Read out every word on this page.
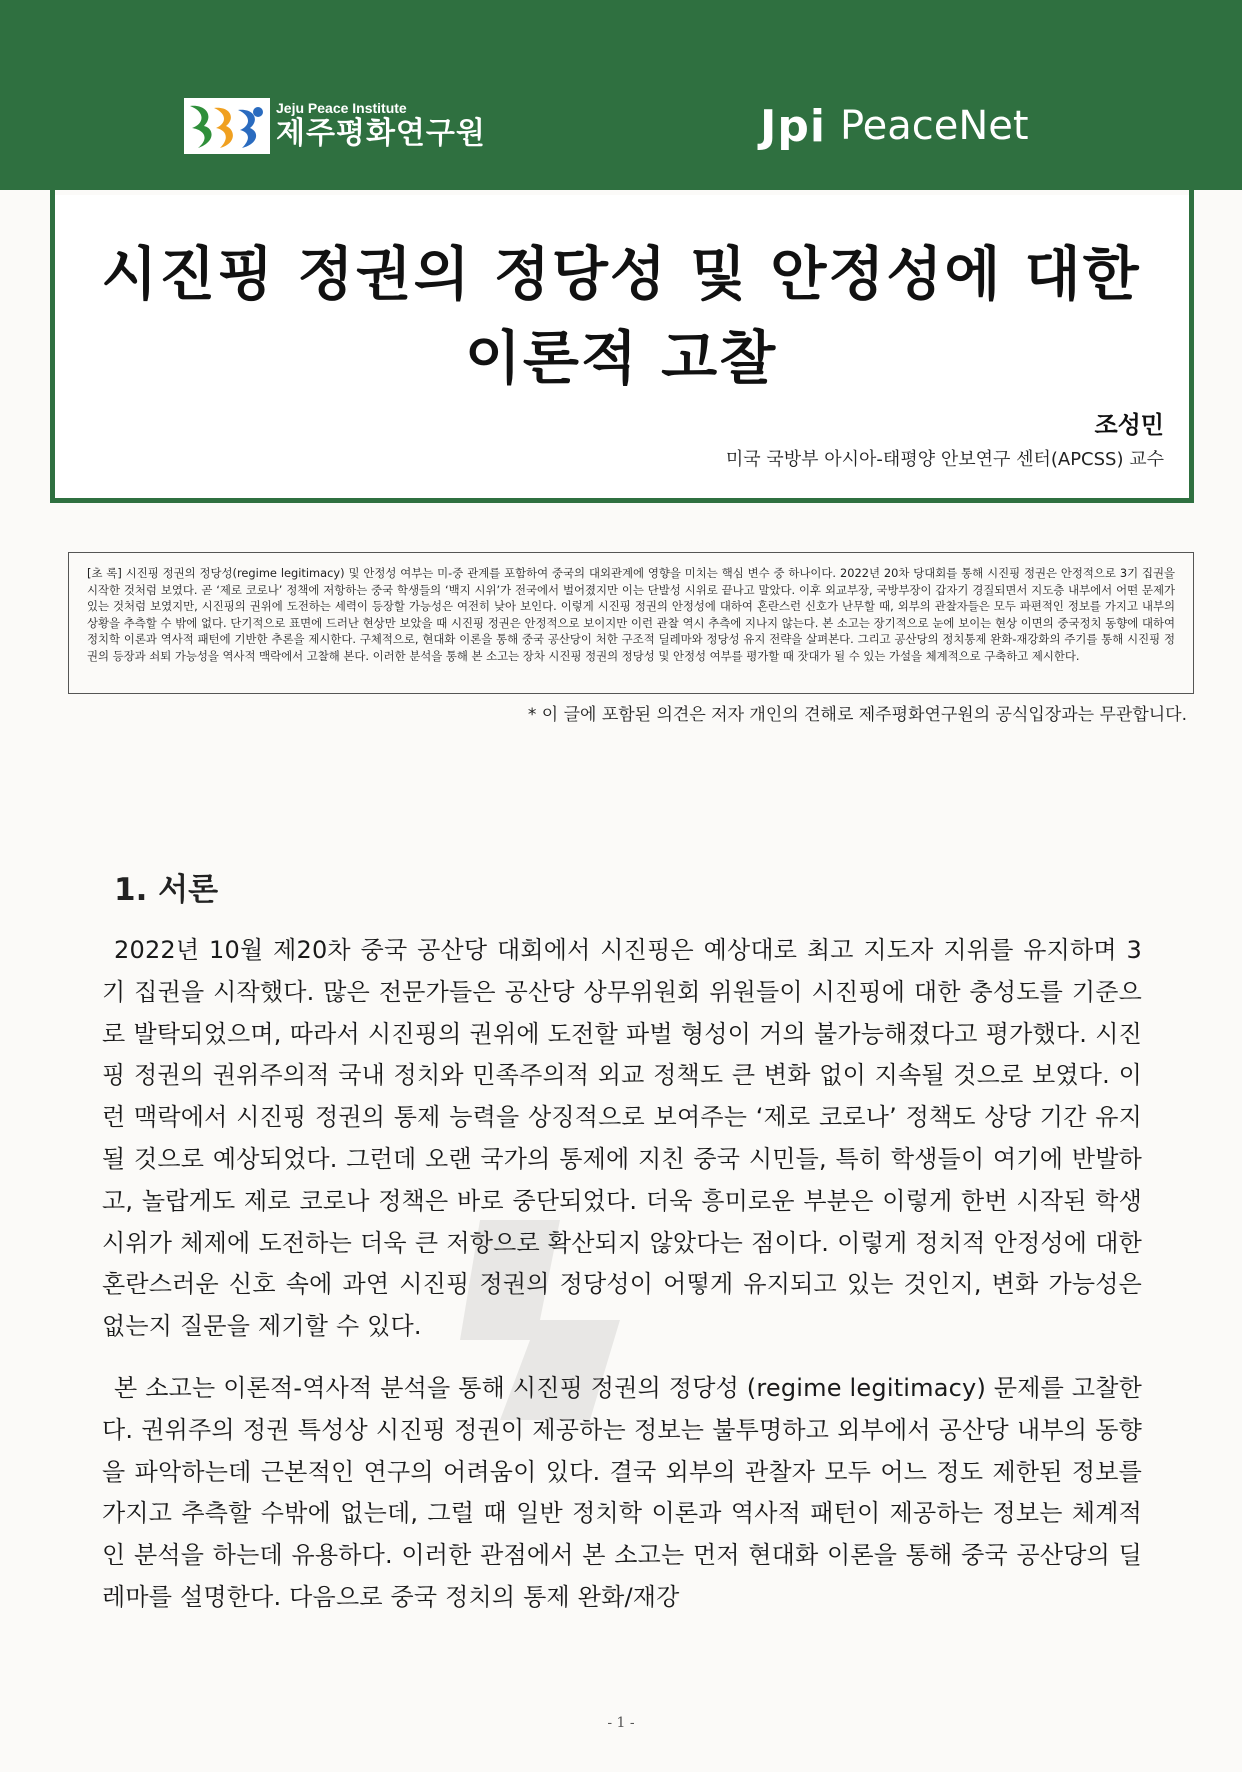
Jeju Peace Institute
제주평화연구원	Jpi PeaceNet
시진핑 정권의 정당성 및 안정성에 대한
이론적 고찰
조성민
미국 국방부 아시아-태평양 안보연구 센터(APCSS) 교수
[초 록] 시진핑 정권의 정당성(regime legitimacy) 및 안정성 여부는 미-중 관계를 포함하여 중국의 대외관계에 영향을 미치는 핵심 변수 중 하나이다. 2022년 20차 당대회를 통해 시진핑 정권은 안정적으로 3기 집권을 시작한 것처럼 보였다. 곧 ‘제로 코로나’ 정책에 저항하는 중국 학생들의 ‘백지 시위’가 전국에서 벌어졌지만 이는 단발성 시위로 끝나고 말았다. 이후 외교부장, 국방부장이 갑자기 경질되면서 지도층 내부에서 어떤 문제가 있는 것처럼 보였지만, 시진핑의 권위에 도전하는 세력이 등장할 가능성은 여전히 낮아 보인다. 이렇게 시진핑 정권의 안정성에 대하여 혼란스런 신호가 난무할 때, 외부의 관찰자들은 모두 파편적인 정보를 가지고 내부의 상황을 추측할 수 밖에 없다. 단기적으로 표면에 드러난 현상만 보았을 때 시진핑 정권은 안정적으로 보이지만 이런 관찰 역시 추측에 지나지 않는다. 본 소고는 장기적으로 눈에 보이는 현상 이면의 중국정치 동향에 대하여 정치학 이론과 역사적 패턴에 기반한 추론을 제시한다. 구체적으로, 현대화 이론을 통해 중국 공산당이 처한 구조적 딜레마와 정당성 유지 전략을 살펴본다. 그리고 공산당의 정치통제 완화-재강화의 주기를 통해 시진핑 정권의 등장과 쇠퇴 가능성을 역사적 맥락에서 고찰해 본다. 이러한 분석을 통해 본 소고는 장차 시진핑 정권의 정당성 및 안정성 여부를 평가할 때 잣대가 될 수 있는 가설을 체계적으로 구축하고 제시한다.
* 이 글에 포함된 의견은 저자 개인의 견해로 제주평화연구원의 공식입장과는 무관합니다.
1. 서론

2022년 10월 제20차 중국 공산당 대회에서 시진핑은 예상대로 최고 지도자 지위를 유지하며 3기 집권을 시작했다. 많은 전문가들은 공산당 상무위원회 위원들이 시진핑에 대한 충성도를 기준으로 발탁되었으며, 따라서 시진핑의 권위에 도전할 파벌 형성이 거의 불가능해졌다고 평가했다. 시진핑 정권의 권위주의적 국내 정치와 민족주의적 외교 정책도 큰 변화 없이 지속될 것으로 보였다. 이런 맥락에서 시진핑 정권의 통제 능력을 상징적으로 보여주는 ‘제로 코로나’ 정책도 상당 기간 유지될 것으로 예상되었다. 그런데 오랜 국가의 통제에 지친 중국 시민들, 특히 학생들이 여기에 반발하고, 놀랍게도 제로 코로나 정책은 바로 중단되었다. 더욱 흥미로운 부분은 이렇게 한번 시작된 학생 시위가 체제에 도전하는 더욱 큰 저항으로 확산되지 않았다는 점이다. 이렇게 정치적 안정성에 대한 혼란스러운 신호 속에 과연 시진핑 정권의 정당성이 어떻게 유지되고 있는 것인지, 변화 가능성은 없는지 질문을 제기할 수 있다.

본 소고는 이론적-역사적 분석을 통해 시진핑 정권의 정당성 (regime legitimacy) 문제를 고찰한다. 권위주의 정권 특성상 시진핑 정권이 제공하는 정보는 불투명하고 외부에서 공산당 내부의 동향을 파악하는데 근본적인 연구의 어려움이 있다. 결국 외부의 관찰자 모두 어느 정도 제한된 정보를 가지고 추측할 수밖에 없는데, 그럴 때 일반 정치학 이론과 역사적 패턴이 제공하는 정보는 체계적인 분석을 하는데 유용하다. 이러한 관점에서 본 소고는 먼저 현대화 이론을 통해 중국 공산당의 딜레마를 설명한다. 다음으로 중국 정치의 통제 완화/재강

- 1 -
